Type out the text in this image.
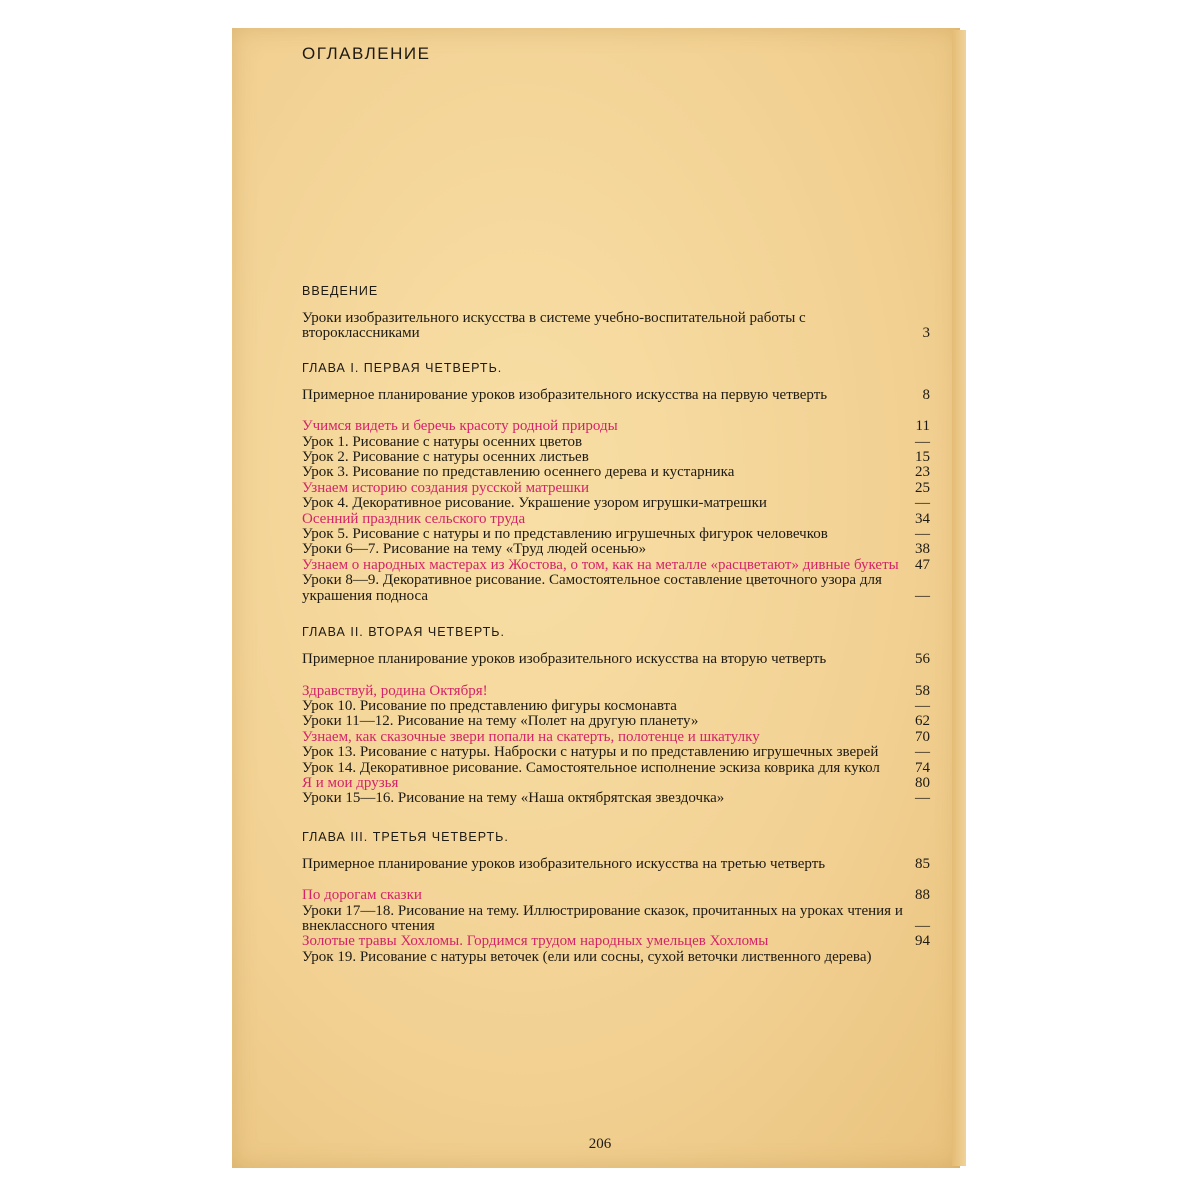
ОГЛАВЛЕНИЕ
ВВЕДЕНИЕ
Уроки изобразительного искусства в системе учебно-воспитательной работы с второклассниками	3
ГЛАВА I. ПЕРВАЯ ЧЕТВЕРТЬ.
Примерное планирование уроков изобразительного искусства на первую четверть	8
Учимся видеть и беречь красоту родной природы	11
Урок 1. Рисование с натуры осенних цветов	—
Урок 2. Рисование с натуры осенних листьев	15
Урок 3. Рисование по представлению осеннего дерева и кустарника	23
Узнаем историю создания русской матрешки	25
Урок 4. Декоративное рисование. Украшение узором игрушки-матрешки	—
Осенний праздник сельского труда	34
Урок 5. Рисование с натуры и по представлению игрушечных фигурок человечков	—
Уроки 6—7. Рисование на тему «Труд людей осенью»	38
Узнаем о народных мастерах из Жостова, о том, как на металле «расцветают» дивные букеты	47
Уроки 8—9. Декоративное рисование. Самостоятельное составление цветочного узора для украшения подноса	—
ГЛАВА II. ВТОРАЯ ЧЕТВЕРТЬ.
Примерное планирование уроков изобразительного искусства на вторую четверть	56
Здравствуй, родина Октября!	58
Урок 10. Рисование по представлению фигуры космонавта	—
Уроки 11—12. Рисование на тему «Полет на другую планету»	62
Узнаем, как сказочные звери попали на скатерть, полотенце и шкатулку	70
Урок 13. Рисование с натуры. Наброски с натуры и по представлению игрушечных зверей	—
Урок 14. Декоративное рисование. Самостоятельное исполнение эскиза коврика для кукол	74
Я и мои друзья	80
Уроки 15—16. Рисование на тему «Наша октябрятская звездочка»	—
ГЛАВА III. ТРЕТЬЯ ЧЕТВЕРТЬ.
Примерное планирование уроков изобразительного искусства на третью четверть	85
По дорогам сказки	88
Уроки 17—18. Рисование на тему. Иллюстрирование сказок, прочитанных на уроках чтения и внеклассного чтения	—
Золотые травы Хохломы. Гордимся трудом народных умельцев Хохломы	94
Урок 19. Рисование с натуры веточек (ели или сосны, сухой веточки лиственного дерева)
206
